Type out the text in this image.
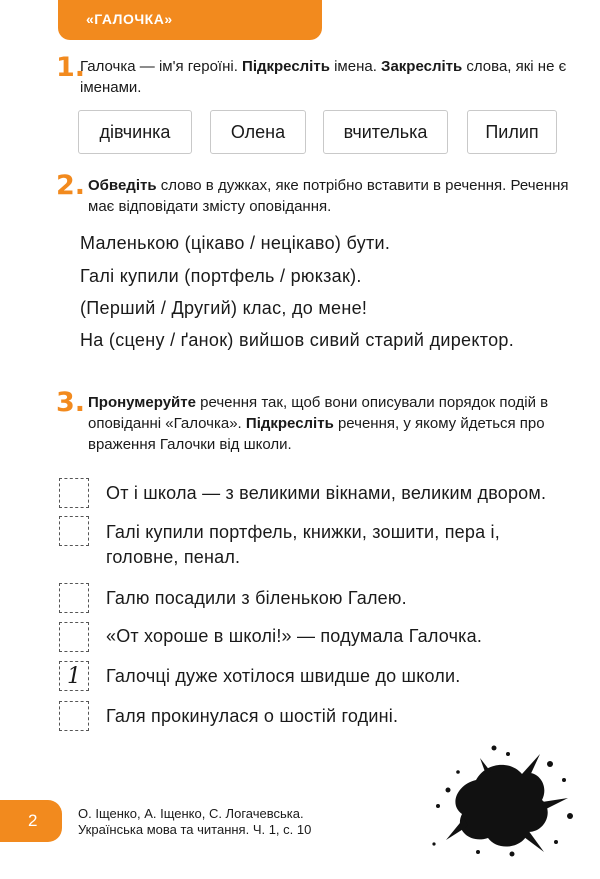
«ГАЛОЧКА»
1.
Галочка — ім'я героїні. Підкресліть імена. Закресліть слова, які не є іменами.
дівчинка	Олена	вчителька	Пилип
2. Обведіть слово в дужках, яке потрібно вставити в речення. Речення має відповідати змісту оповідання.
Маленькою (цікаво / нецікаво) бути.
Галі купили (портфель / рюкзак).
(Перший / Другий) клас, до мене!
На (сцену / ґанок) вийшов сивий старий директор.
3. Пронумеруйте речення так, щоб вони описували порядок подій в оповіданні «Галочка». Підкресліть речення, у якому йдеться про враження Галочки від школи.
От і школа — з великими вікнами, великим двором.
Галі купили портфель, книжки, зошити, пера і, головне, пенал.
Галю посадили з біленькою Галею.
«От хороше в школі!» — подумала Галочка.
1	Галочці дуже хотілося швидше до школи.
Галя прокинулася о шостій годині.
2	О. Іщенко, А. Іщенко, С. Логачевська.
Українська мова та читання. Ч. 1, с. 10
